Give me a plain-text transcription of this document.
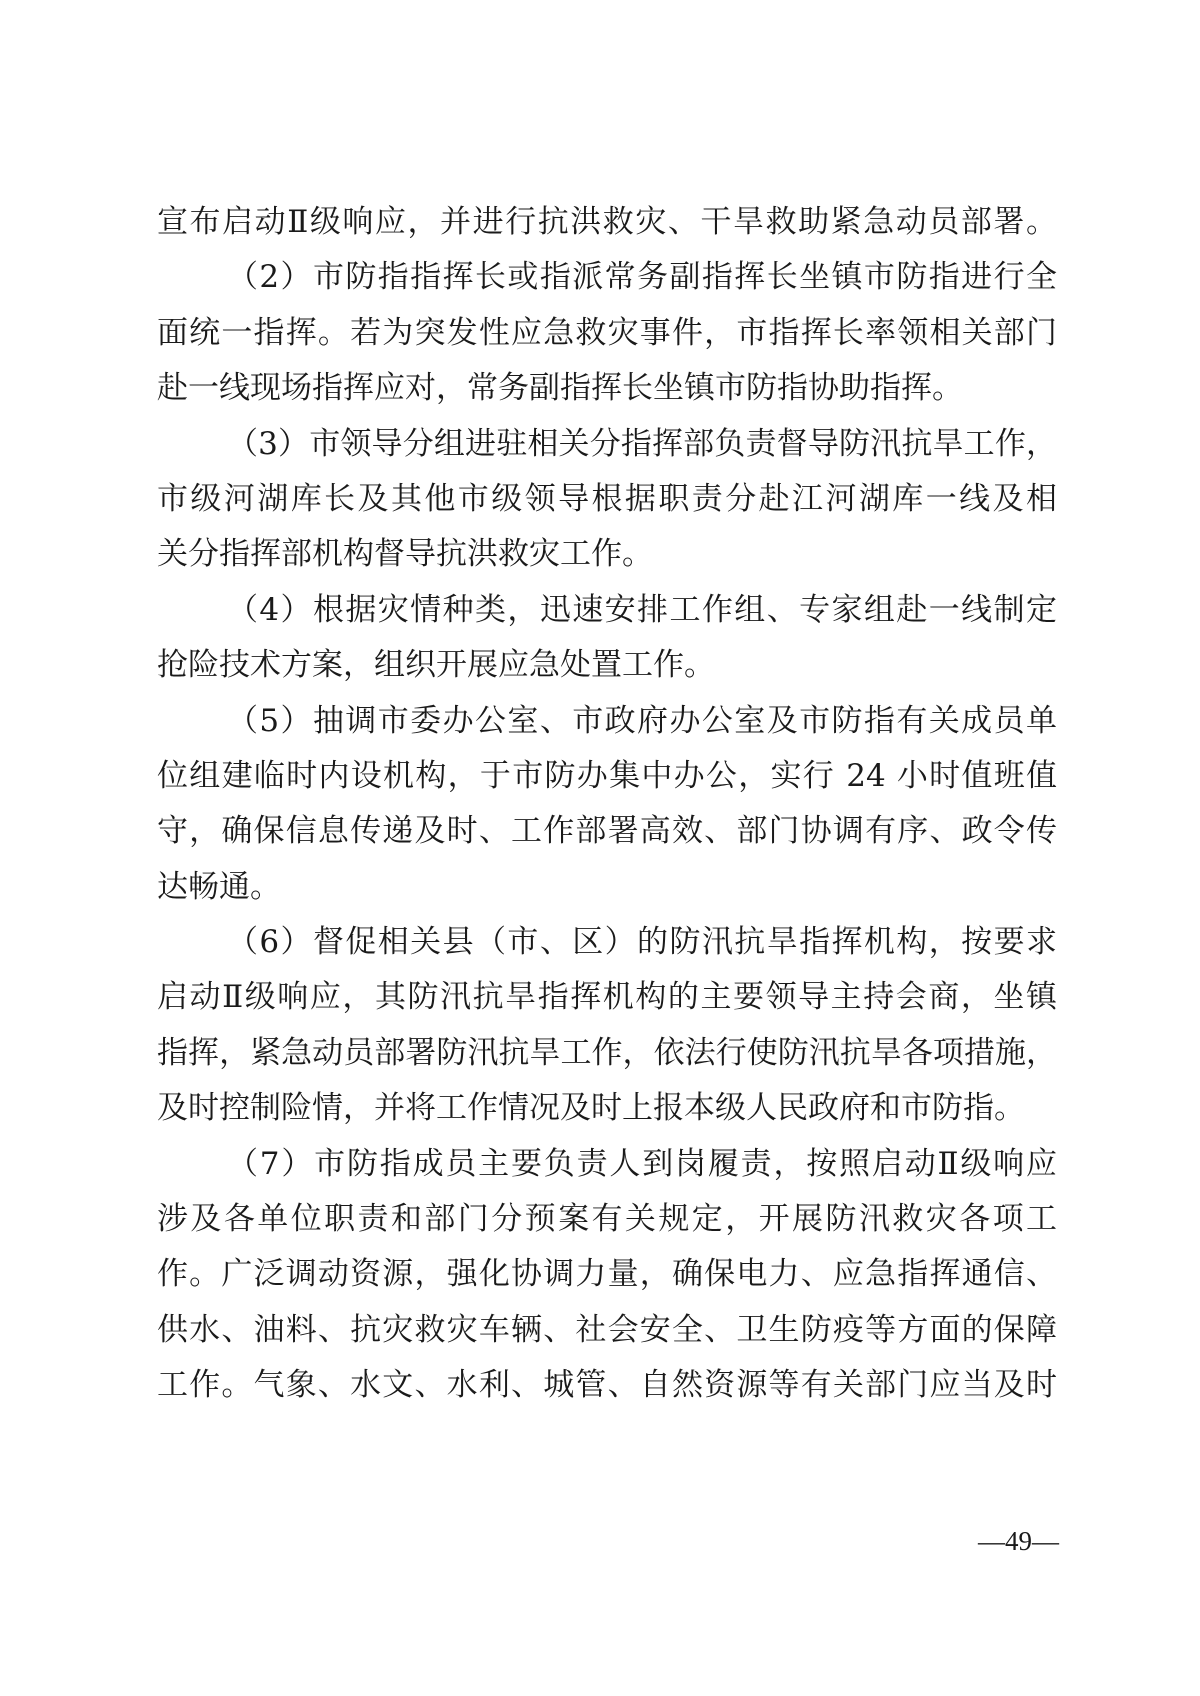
宣布启动Ⅱ级响应，并进行抗洪救灾、干旱救助紧急动员部署。
（2）市防指指挥长或指派常务副指挥长坐镇市防指进行全
面统一指挥。若为突发性应急救灾事件，市指挥长率领相关部门
赴一线现场指挥应对，常务副指挥长坐镇市防指协助指挥。
（3）市领导分组进驻相关分指挥部负责督导防汛抗旱工作，
市级河湖库长及其他市级领导根据职责分赴江河湖库一线及相
关分指挥部机构督导抗洪救灾工作。
（4）根据灾情种类，迅速安排工作组、专家组赴一线制定
抢险技术方案，组织开展应急处置工作。
（5）抽调市委办公室、市政府办公室及市防指有关成员单
位组建临时内设机构，于市防办集中办公，实行 24 小时值班值
守，确保信息传递及时、工作部署高效、部门协调有序、政令传
达畅通。
（6）督促相关县（市、区）的防汛抗旱指挥机构，按要求
启动Ⅱ级响应，其防汛抗旱指挥机构的主要领导主持会商，坐镇
指挥，紧急动员部署防汛抗旱工作，依法行使防汛抗旱各项措施，
及时控制险情，并将工作情况及时上报本级人民政府和市防指。
（7）市防指成员主要负责人到岗履责，按照启动Ⅱ级响应
涉及各单位职责和部门分预案有关规定，开展防汛救灾各项工
作。广泛调动资源，强化协调力量，确保电力、应急指挥通信、
供水、油料、抗灾救灾车辆、社会安全、卫生防疫等方面的保障
工作。气象、水文、水利、城管、自然资源等有关部门应当及时
—49—
